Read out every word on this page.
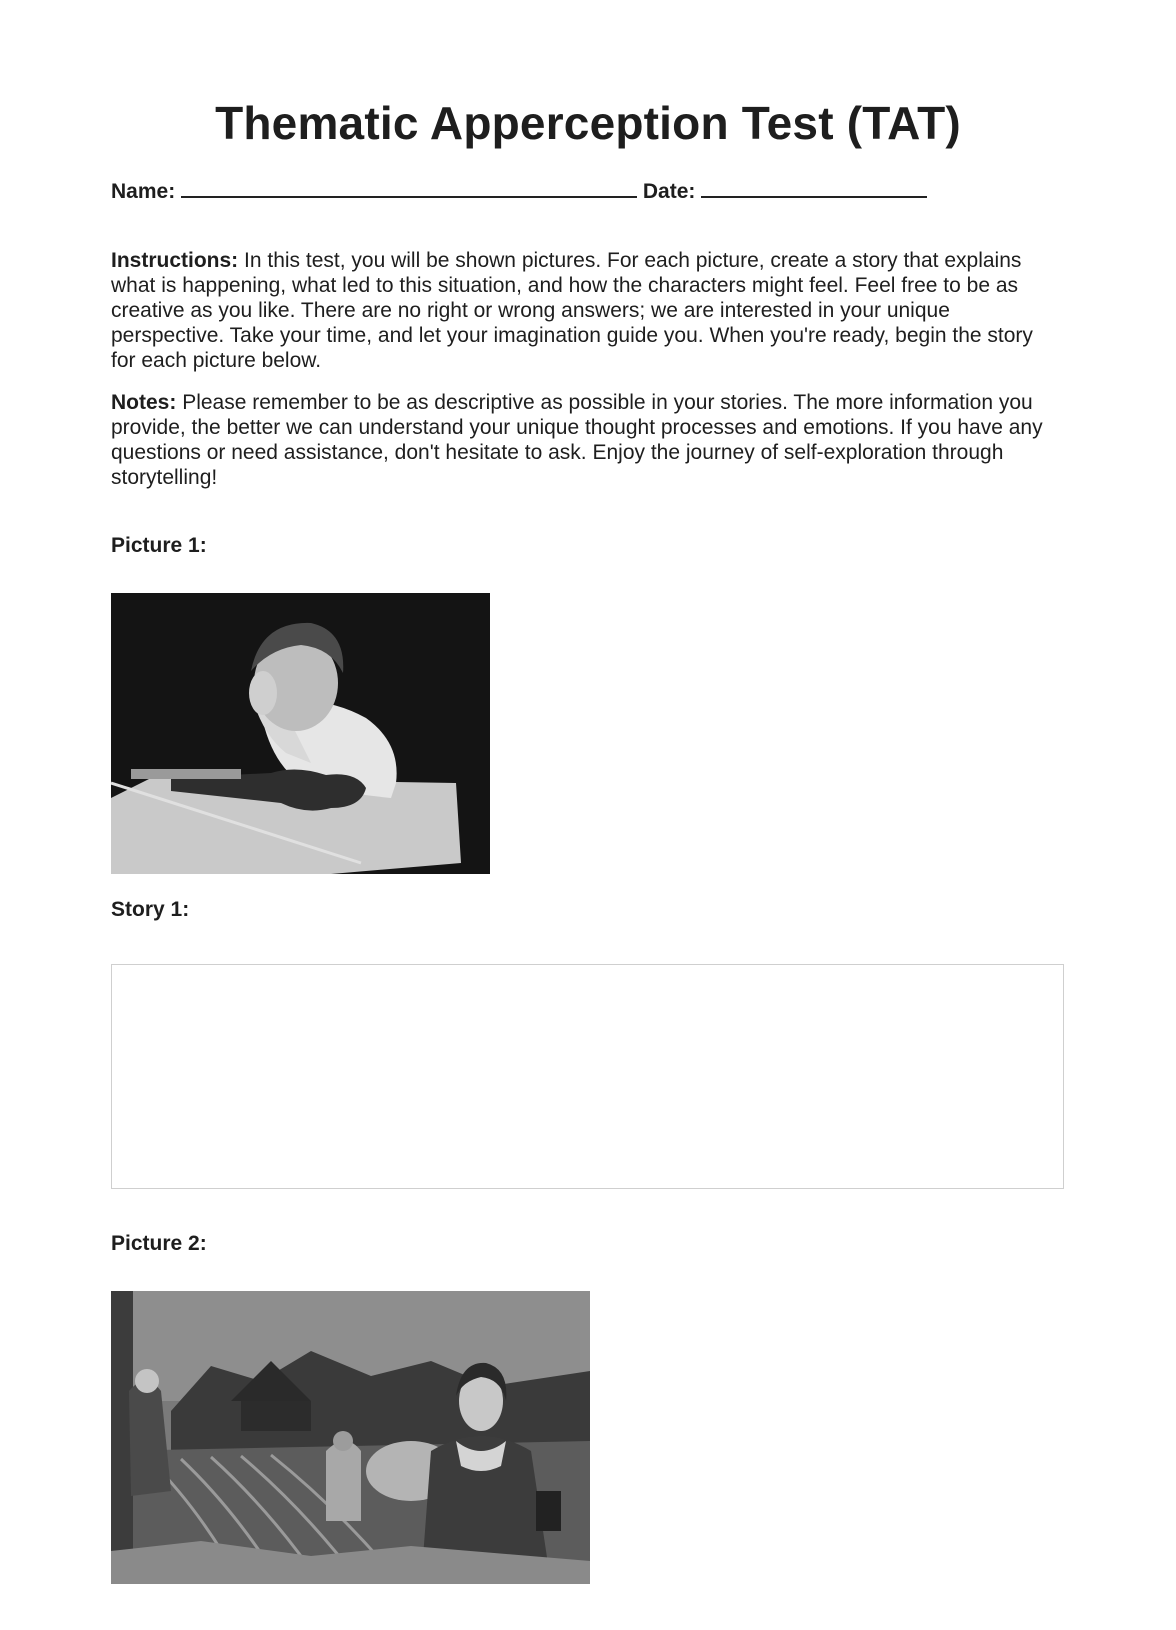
Thematic Apperception Test (TAT)
Name:	Date:
Instructions: In this test, you will be shown pictures. For each picture, create a story that explains what is happening, what led to this situation, and how the characters might feel. Feel free to be as creative as you like. There are no right or wrong answers; we are interested in your unique perspective. Take your time, and let your imagination guide you. When you're ready, begin the story for each picture below.
Notes: Please remember to be as descriptive as possible in your stories. The more information you provide, the better we can understand your unique thought processes and emotions. If you have any questions or need assistance, don't hesitate to ask. Enjoy the journey of self-exploration through storytelling!
Picture 1:
Story 1:
Picture 2:
